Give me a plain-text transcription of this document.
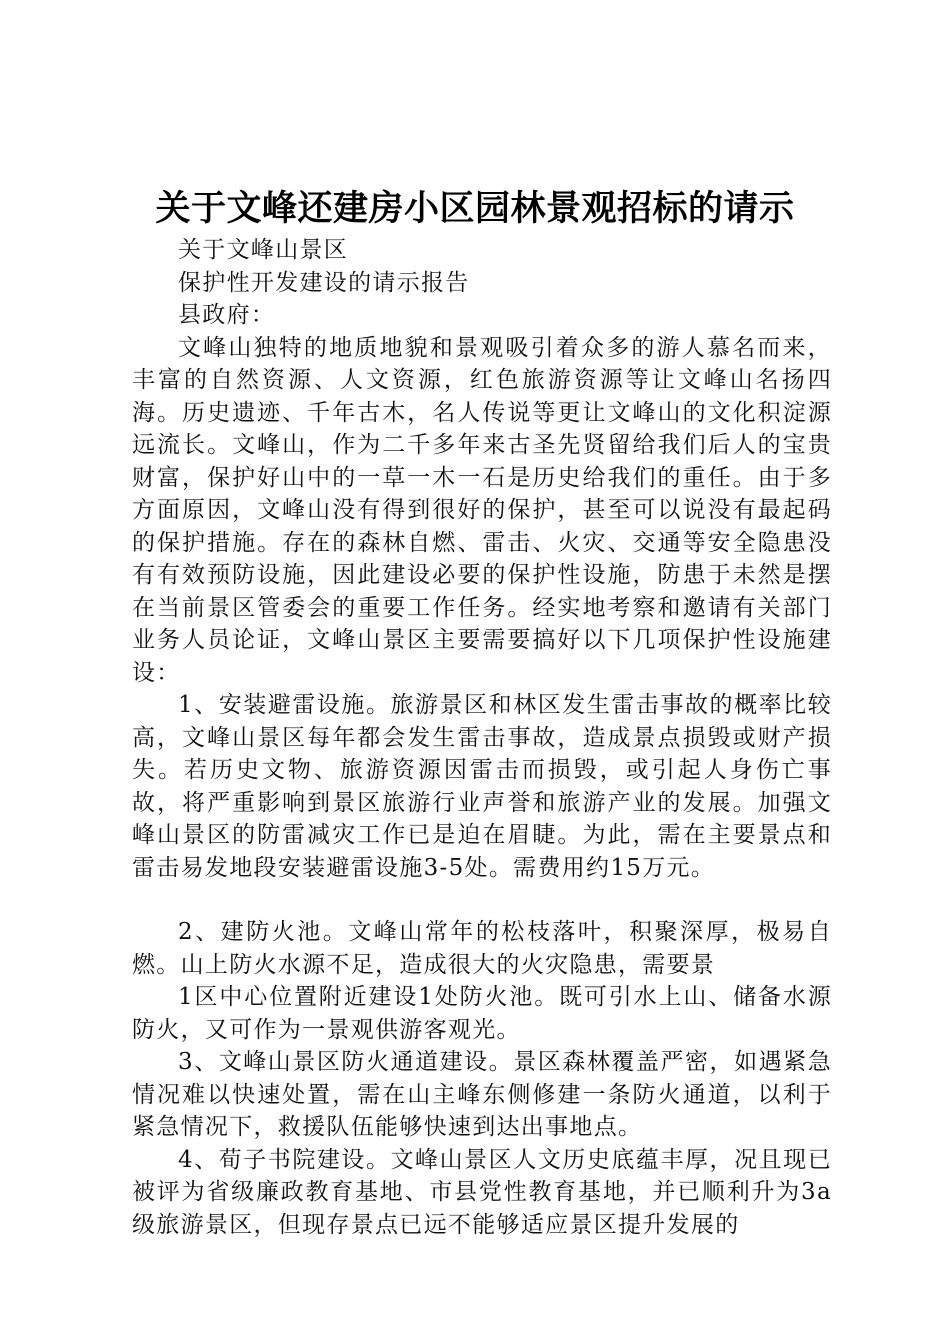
关于文峰还建房小区园林景观招标的请示

关于文峰山景区

保护性开发建设的请示报告

县政府：

文峰山独特的地质地貌和景观吸引着众多的游人慕名而来，丰富的自然资源、人文资源，红色旅游资源等让文峰山名扬四海。历史遗迹、千年古木，名人传说等更让文峰山的文化积淀源远流长。文峰山，作为二千多年来古圣先贤留给我们后人的宝贵财富，保护好山中的一草一木一石是历史给我们的重任。由于多方面原因，文峰山没有得到很好的保护，甚至可以说没有最起码的保护措施。存在的森林自燃、雷击、火灾、交通等安全隐患没有有效预防设施，因此建设必要的保护性设施，防患于未然是摆在当前景区管委会的重要工作任务。经实地考察和邀请有关部门业务人员论证，文峰山景区主要需要搞好以下几项保护性设施建设：

1、安装避雷设施。旅游景区和林区发生雷击事故的概率比较高，文峰山景区每年都会发生雷击事故，造成景点损毁或财产损失。若历史文物、旅游资源因雷击而损毁，或引起人身伤亡事故，将严重影响到景区旅游行业声誉和旅游产业的发展。加强文峰山景区的防雷减灾工作已是迫在眉睫。为此，需在主要景点和雷击易发地段安装避雷设施3-5处。需费用约15万元。

2、建防火池。文峰山常年的松枝落叶，积聚深厚，极易自燃。山上防火水源不足，造成很大的火灾隐患，需要景

1区中心位置附近建设1处防火池。既可引水上山、储备水源防火，又可作为一景观供游客观光。

3、文峰山景区防火通道建设。景区森林覆盖严密，如遇紧急情况难以快速处置，需在山主峰东侧修建一条防火通道，以利于紧急情况下，救援队伍能够快速到达出事地点。

4、荀子书院建设。文峰山景区人文历史底蕴丰厚，况且现已被评为省级廉政教育基地、市县党性教育基地，并已顺利升为3a级旅游景区，但现存景点已远不能够适应景区提升发展的
